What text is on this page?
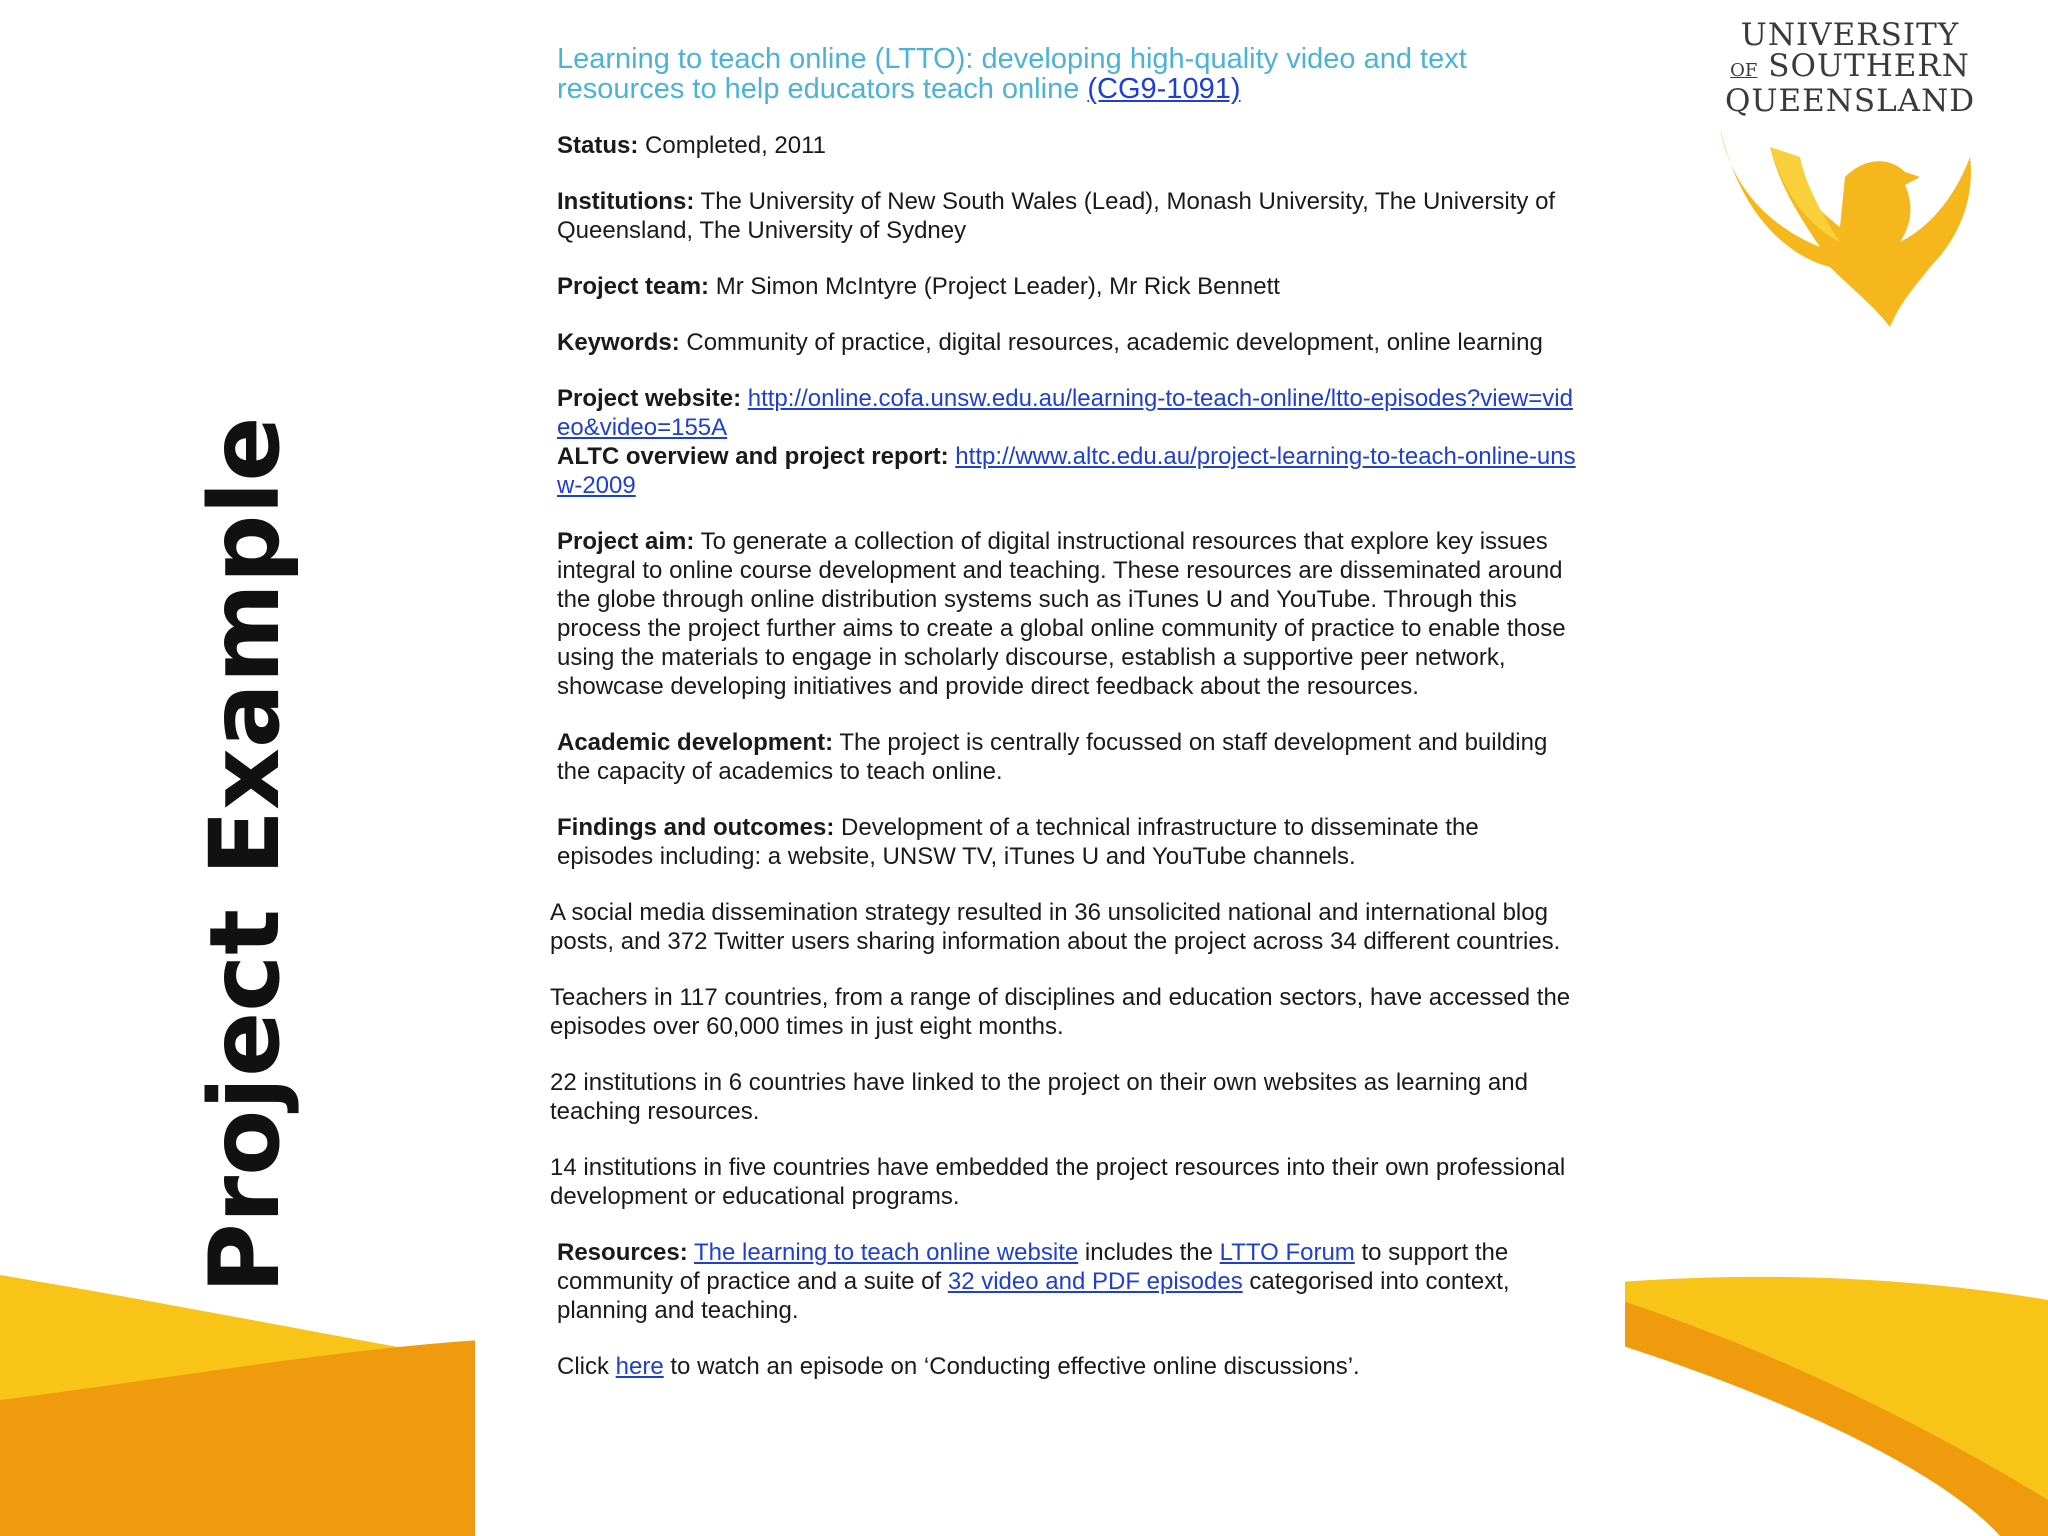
Project Example
UNIVERSITY
OF SOUTHERN
QUEENSLAND

Learning to teach online (LTTO): developing high-quality video and text resources to help educators teach online (CG9-1091)

Status: Completed, 2011

Institutions: The University of New South Wales (Lead), Monash University, The University of Queensland, The University of Sydney

Project team: Mr Simon McIntyre (Project Leader), Mr Rick Bennett

Keywords: Community of practice, digital resources, academic development, online learning

Project website: http://online.cofa.unsw.edu.au/learning-to-teach-online/ltto-episodes?view=video&video=155A

ALTC overview and project report: http://www.altc.edu.au/project-learning-to-teach-online-unsw-2009

Project aim: To generate a collection of digital instructional resources that explore key issues integral to online course development and teaching. These resources are disseminated around the globe through online distribution systems such as iTunes U and YouTube. Through this process the project further aims to create a global online community of practice to enable those using the materials to engage in scholarly discourse, establish a supportive peer network, showcase developing initiatives and provide direct feedback about the resources.

Academic development: The project is centrally focussed on staff development and building the capacity of academics to teach online.

Findings and outcomes: Development of a technical infrastructure to disseminate the episodes including: a website, UNSW TV, iTunes U and YouTube channels.

A social media dissemination strategy resulted in 36 unsolicited national and international blog posts, and 372 Twitter users sharing information about the project across 34 different countries.

Teachers in 117 countries, from a range of disciplines and education sectors, have accessed the episodes over 60,000 times in just eight months.

22 institutions in 6 countries have linked to the project on their own websites as learning and teaching resources.

14 institutions in five countries have embedded the project resources into their own professional development or educational programs.

Resources: The learning to teach online website includes the LTTO Forum to support the community of practice and a suite of 32 video and PDF episodes categorised into context, planning and teaching.

Click here to watch an episode on ‘Conducting effective online discussions’.
